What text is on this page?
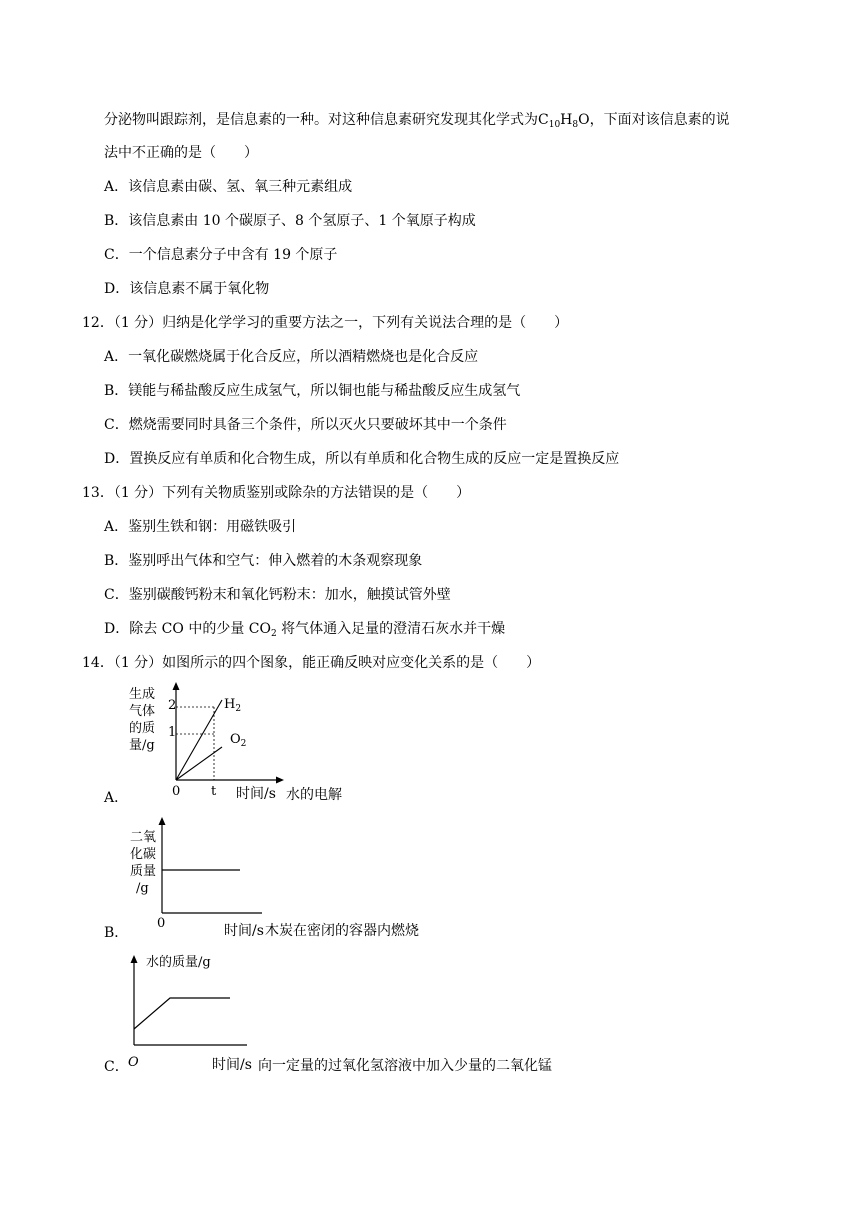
分泌物叫跟踪剂，是信息素的一种。对这种信息素研究发现其化学式为$C_{10}H_8O$，下面对该信息素的说
法中不正确的是（　　）
A．该信息素由碳、氢、氧三种元素组成
B．该信息素由 10 个碳原子、8 个氢原子、1 个氧原子构成
C．一个信息素分子中含有 19 个原子
D．该信息素不属于氧化物
12．（1 分）归纳是化学学习的重要方法之一，下列有关说法合理的是（　　）
A．一氧化碳燃烧属于化合反应，所以酒精燃烧也是化合反应
B．镁能与稀盐酸反应生成氢气，所以铜也能与稀盐酸反应生成氢气
C．燃烧需要同时具备三个条件，所以灭火只要破坏其中一个条件
D．置换反应有单质和化合物生成，所以有单质和化合物生成的反应一定是置换反应
13．（1 分）下列有关物质鉴别或除杂的方法错误的是（　　）
A．鉴别生铁和钢：用磁铁吸引
B．鉴别呼出气体和空气：伸入燃着的木条观察现象
C．鉴别碳酸钙粉末和氧化钙粉末：加水，触摸试管外壁
D．除去 CO 中的少量 $CO_2$ 将气体通入足量的澄清石灰水并干燥
14．（1 分）如图所示的四个图象，能正确反映对应变化关系的是（　　）
A．
生成
气体
的质
量/g
2
1
$H_2$
$O_2$
0 t 时间/s 水的电解
B．
二氧
化碳
质量
/g
0	时间/s 木炭在密闭的容器内燃烧
C．
水的质量/g
O	时间/s 向一定量的过氧化氢溶液中加入少量的二氧化锰
